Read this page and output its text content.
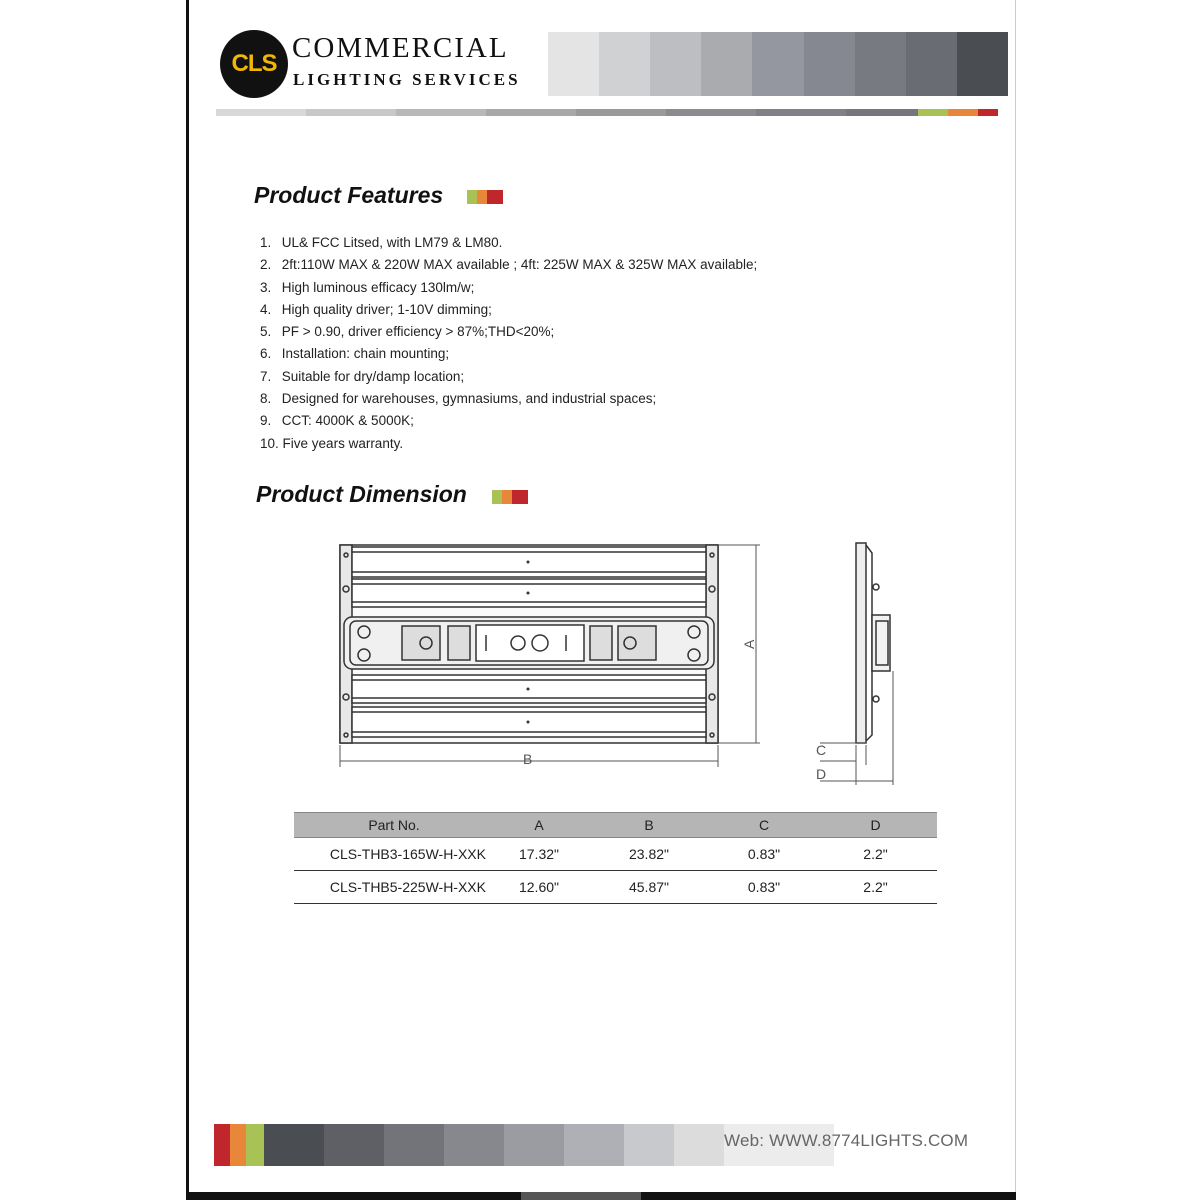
CLS COMMERCIAL
LIGHTING SERVICES
Product Features
1. UL& FCC Litsed, with LM79 & LM80.
2. 2ft:110W MAX & 220W MAX available ; 4ft: 225W MAX & 325W MAX available;
3. High luminous efficacy 130lm/w;
4. High quality driver; 1-10V dimming;
5. PF > 0.90, driver efficiency > 87%;THD<20%;
6. Installation: chain mounting;
7. Suitable for dry/damp location;
8. Designed for warehouses, gymnasiums, and industrial spaces;
9. CCT: 4000K & 5000K;
10. Five years warranty.
Product Dimension
A
B
C
D
Part No.	A	B	C	D
CLS-THB3-165W-H-XXK	17.32"	23.82"	0.83"	2.2"
CLS-THB5-225W-H-XXK	12.60"	45.87"	0.83"	2.2"
Web: WWW.8774LIGHTS.COM
